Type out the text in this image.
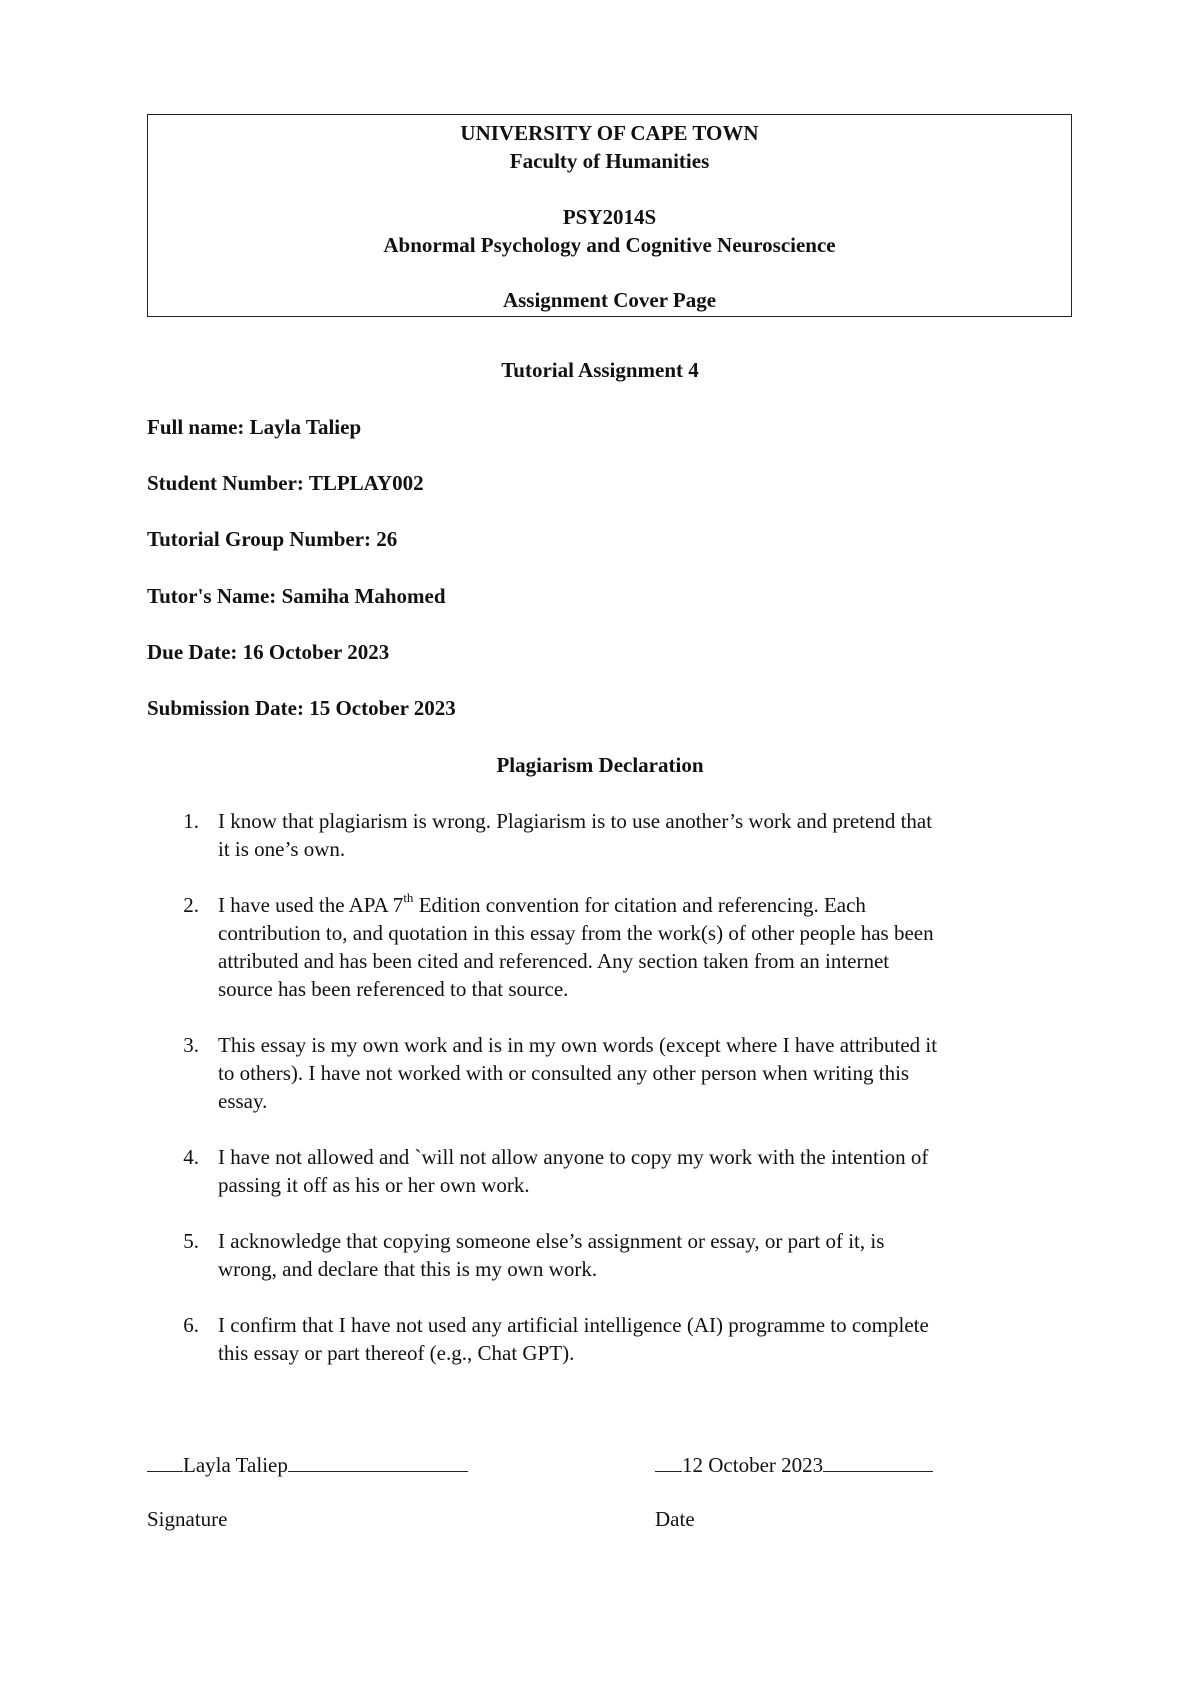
UNIVERSITY OF CAPE TOWN
Faculty of Humanities
PSY2014S
Abnormal Psychology and Cognitive Neuroscience
Assignment Cover Page
Tutorial Assignment 4
Full name: Layla Taliep
Student Number: TLPLAY002
Tutorial Group Number: 26
Tutor's Name: Samiha Mahomed
Due Date: 16 October 2023
Submission Date: 15 October 2023
Plagiarism Declaration
1. I know that plagiarism is wrong. Plagiarism is to use another’s work and pretend that
it is one’s own.
2. I have used the APA 7th Edition convention for citation and referencing. Each
contribution to, and quotation in this essay from the work(s) of other people has been
attributed and has been cited and referenced. Any section taken from an internet
source has been referenced to that source.
3. This essay is my own work and is in my own words (except where I have attributed it
to others). I have not worked with or consulted any other person when writing this
essay.
4. I have not allowed and `will not allow anyone to copy my work with the intention of
passing it off as his or her own work.
5. I acknowledge that copying someone else’s assignment or essay, or part of it, is
wrong, and declare that this is my own work.
6. I confirm that I have not used any artificial intelligence (AI) programme to complete
this essay or part thereof (e.g., Chat GPT).
Layla Taliep	12 October 2023
Signature	Date
